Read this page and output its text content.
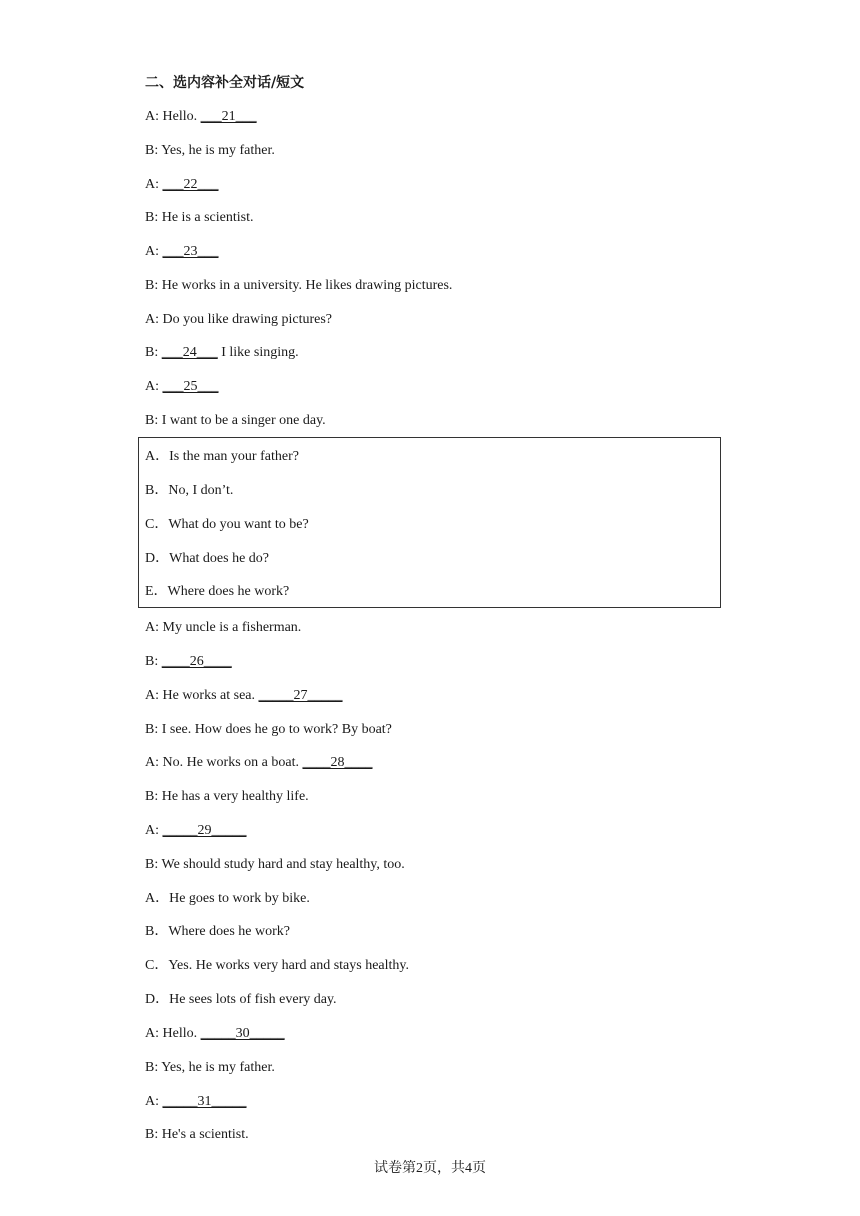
二、选内容补全对话/短文
A: Hello. ___21___
B: Yes, he is my father.
A: ___22___
B: He is a scientist.
A: ___23___
B: He works in a university. He likes drawing pictures.
A: Do you like drawing pictures?
B: ___24___ I like singing.
A: ___25___
B: I want to be a singer one day.
A．Is the man your father?
B．No, I don’t.
C．What do you want to be?
D．What does he do?
E．Where does he work?
A: My uncle is a fisherman.
B: ____26____
A: He works at sea. _____27_____
B: I see. How does he go to work? By boat?
A: No. He works on a boat. ____28____
B: He has a very healthy life.
A: _____29_____
B: We should study hard and stay healthy, too.
A．He goes to work by bike.
B．Where does he work?
C．Yes. He works very hard and stays healthy.
D．He sees lots of fish every day.
A: Hello. _____30_____
B: Yes, he is my father.
A: _____31_____
B: He's a scientist.
试卷第2页，共4页
